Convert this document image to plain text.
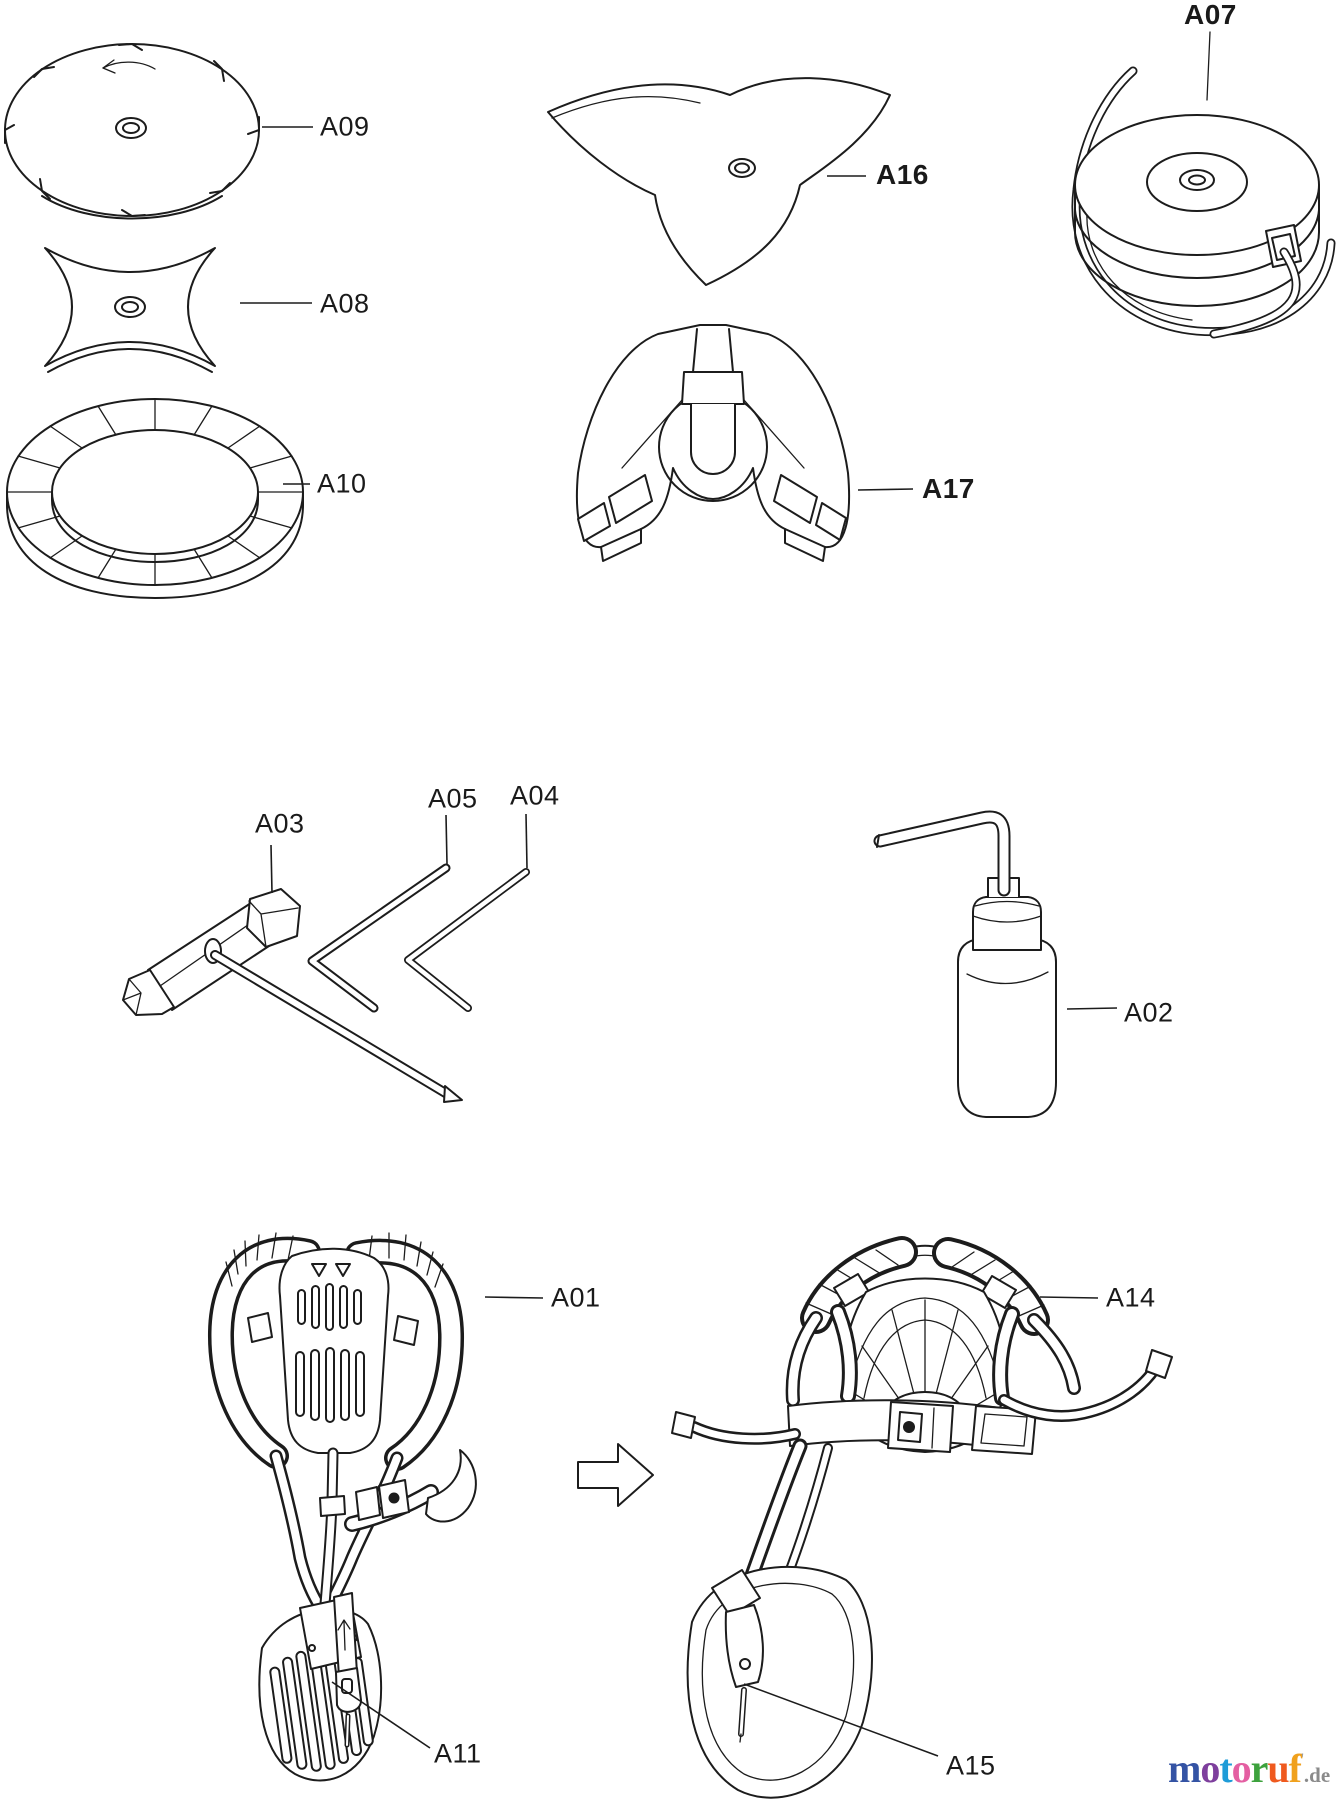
A07
A09
A16
A08
A17
A10
A03
A05 A04
A02
A01	A14
A11	A15	motoruf'.de
